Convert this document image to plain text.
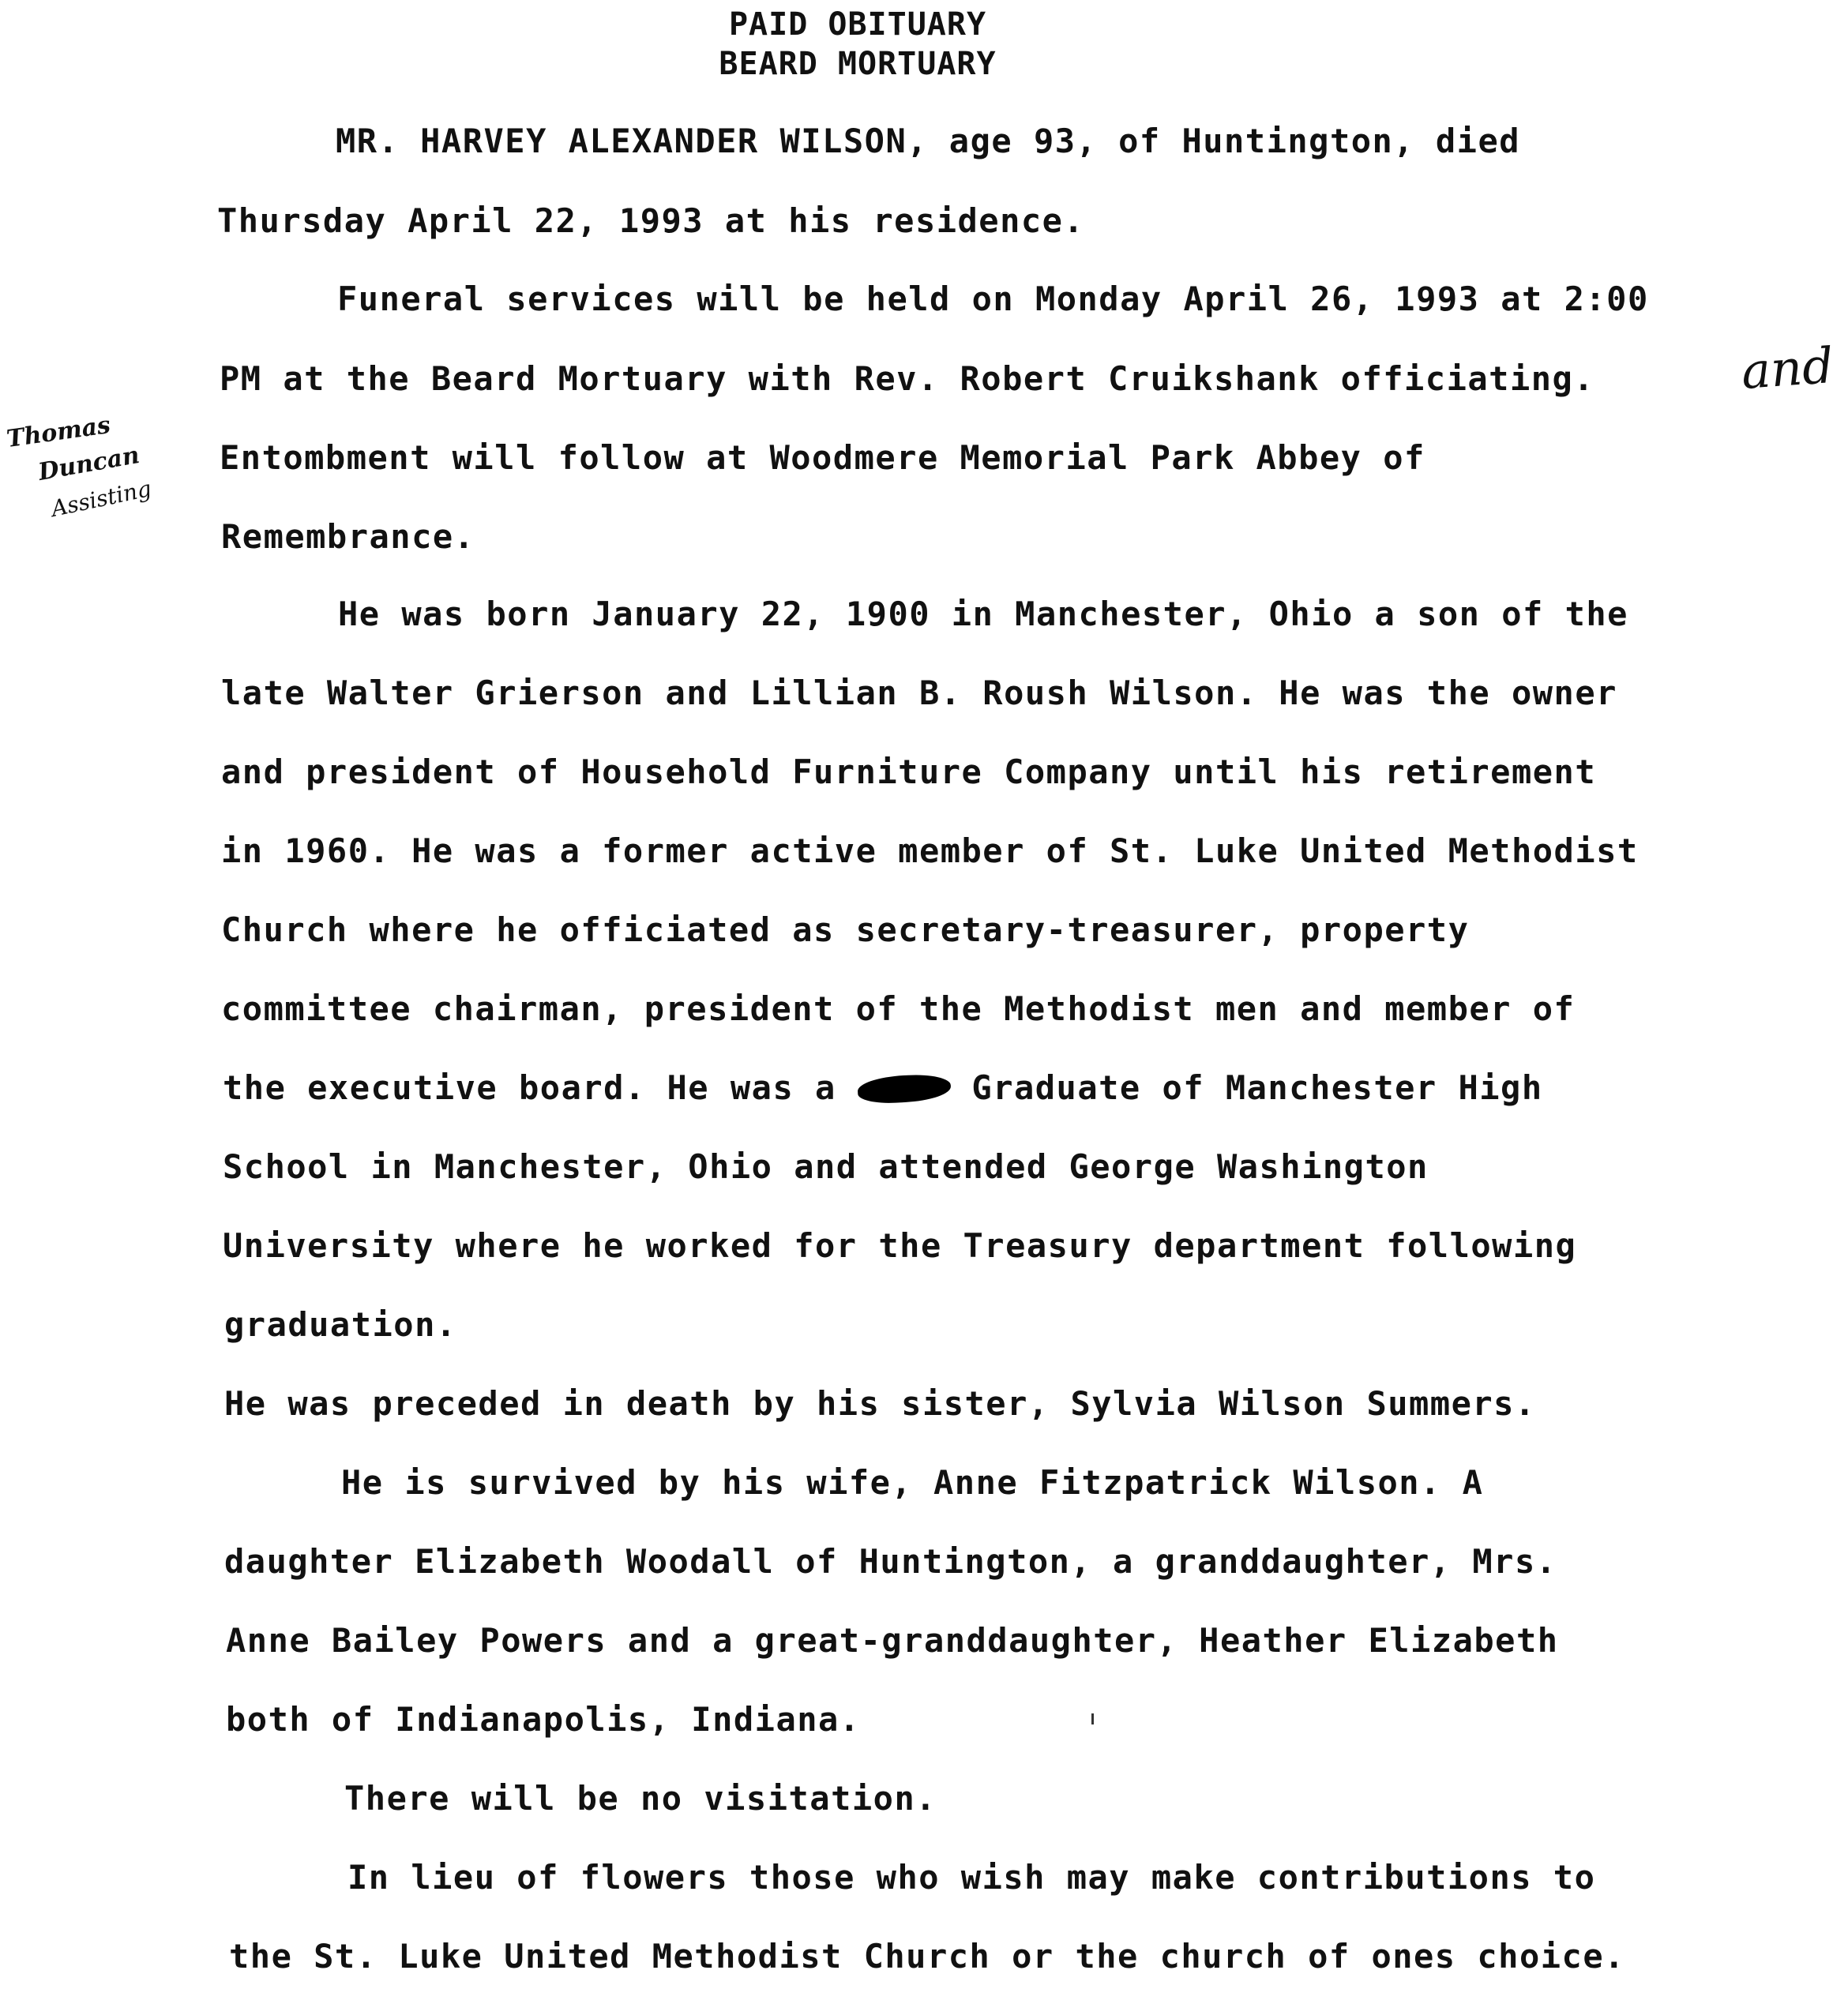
PAID OBITUARY
BEARD MORTUARY
MR. HARVEY ALEXANDER WILSON, age 93, of Huntington, died
Thursday April 22, 1993 at his residence.
Funeral services will be held on Monday April 26, 1993 at 2:00
PM at the Beard Mortuary with Rev. Robert Cruikshank officiating.
Entombment will follow at Woodmere Memorial Park Abbey of
Remembrance.
He was born January 22, 1900 in Manchester, Ohio a son of the
late Walter Grierson and Lillian B. Roush Wilson. He was the owner
and president of Household Furniture Company until his retirement
in 1960. He was a former active member of St. Luke United Methodist
Church where he officiated as secretary-treasurer, property
committee chairman, president of the Methodist men and member of
the executive board. He was a	Graduate of Manchester High
School in Manchester, Ohio and attended George Washington
University where he worked for the Treasury department following
graduation.
He was preceded in death by his sister, Sylvia Wilson Summers.
He is survived by his wife, Anne Fitzpatrick Wilson. A
daughter Elizabeth Woodall of Huntington, a granddaughter, Mrs.
Anne Bailey Powers and a great-granddaughter, Heather Elizabeth
both of Indianapolis, Indiana.
There will be no visitation.
In lieu of flowers those who wish may make contributions to
the St. Luke United Methodist Church or the church of ones choice.
and
Thomas
Duncan
Assisting
